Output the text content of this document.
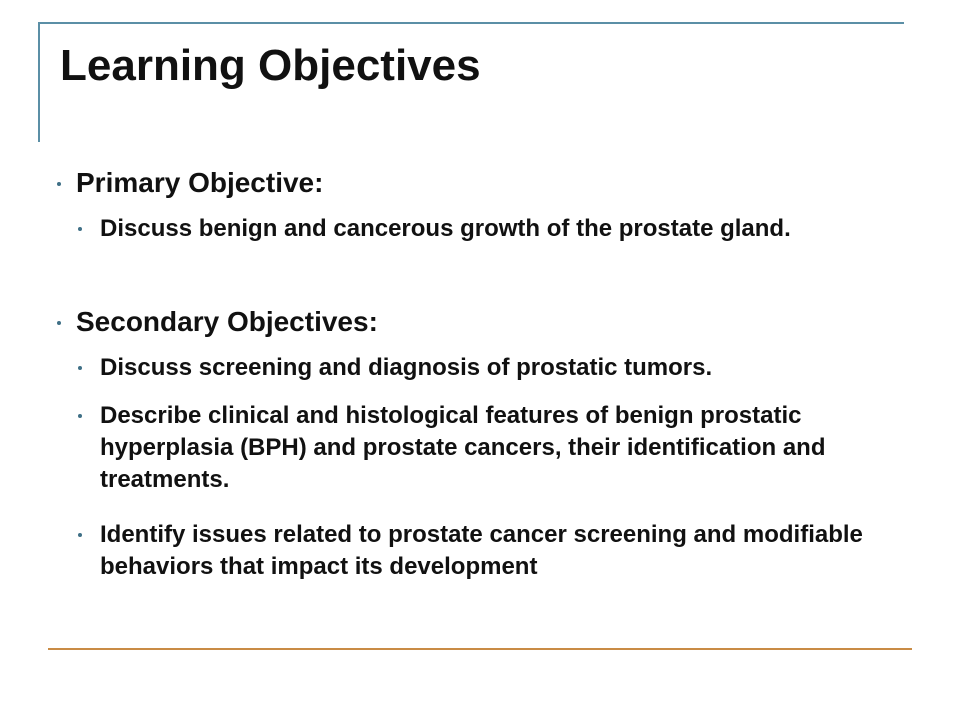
Learning Objectives
Primary Objective:
Discuss benign and cancerous growth of the prostate gland.
Secondary Objectives:
Discuss screening and diagnosis of prostatic tumors.
Describe clinical and histological features of benign prostatic hyperplasia (BPH) and prostate cancers, their identification and treatments.
Identify issues related to prostate cancer screening and modifiable behaviors that impact its development
